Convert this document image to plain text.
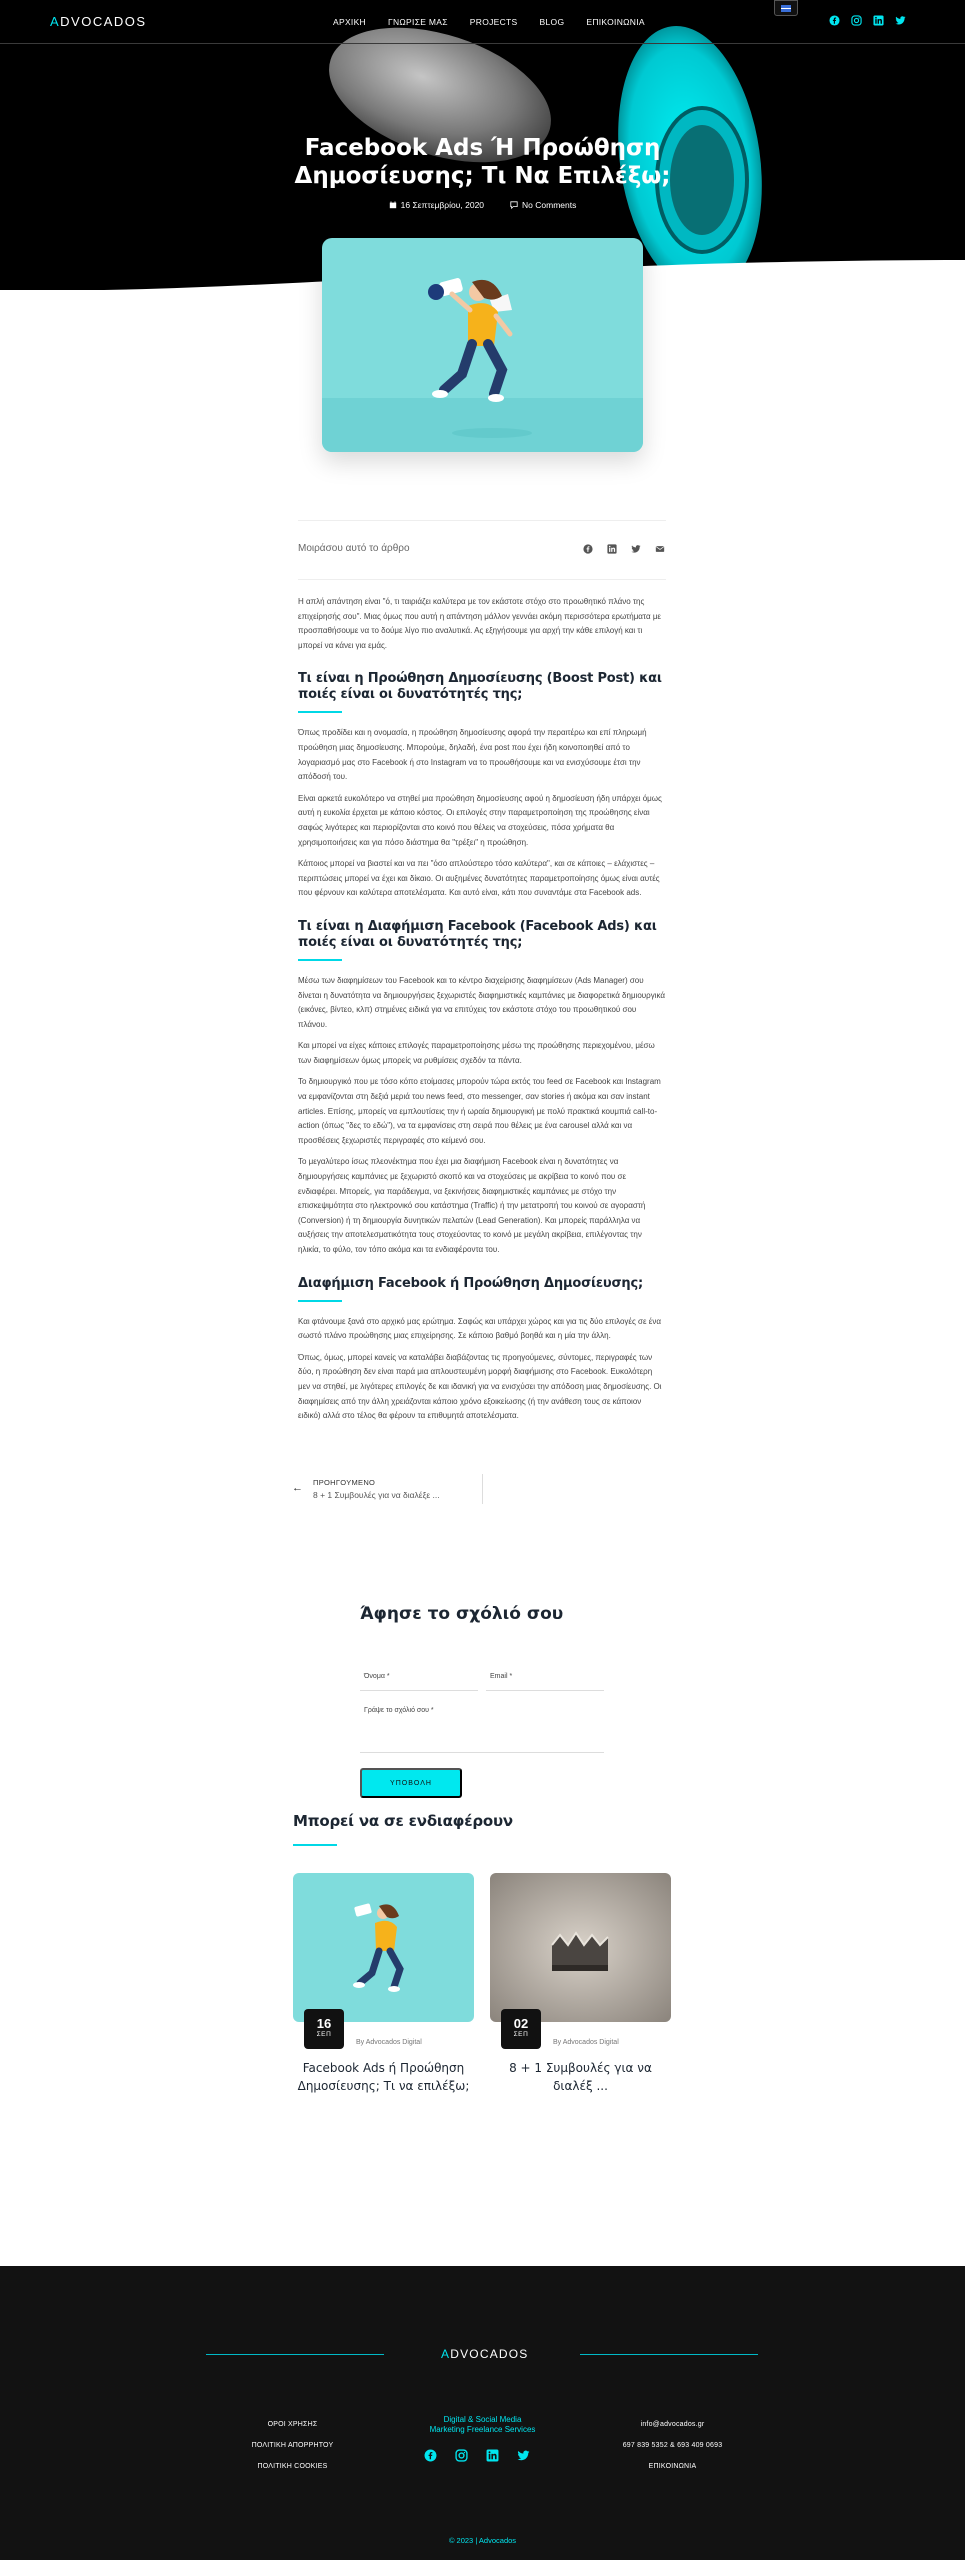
ADVOCADOS	ΑΡΧΙΚΗ	ΓΝΩΡΙΣΕ ΜΑΣ	PROJECTS	BLOG	ΕΠΙΚΟΙΝΩΝΙΑ
Facebook Ads Ή Προώθηση Δημοσίευσης; Τι Να Επιλέξω;
16 Σεπτεμβρίου, 2020	No Comments
Μοιράσου αυτό το άρθρο

Η απλή απάντηση είναι "ό, τι ταιριάζει καλύτερα με τον εκάστοτε στόχο στο προωθητικό πλάνο της επιχείρησής σου". Μιας όμως που αυτή η απάντηση μάλλον γεννάει ακόμη περισσότερα ερωτήματα με προσπαθήσουμε να το δούμε λίγο πιο αναλυτικά. Ας εξηγήσουμε για αρχή την κάθε επιλογή και τι μπορεί να κάνει για εμάς.

Τι είναι η Προώθηση Δημοσίευσης (Boost Post) και ποιές είναι οι δυνατότητές της;

Όπως προδίδει και η ονομασία, η προώθηση δημοσίευσης αφορά την περαιτέρω και επί πληρωμή προώθηση μιας δημοσίευσης. Μπορούμε, δηλαδή, ένα post που έχει ήδη κοινοποιηθεί από το λογαριασμό μας στο Facebook ή στο Instagram να το προωθήσουμε και να ενισχύσουμε έτσι την απόδοσή του.

Είναι αρκετά ευκολότερο να στηθεί μια προώθηση δημοσίευσης αφού η δημοσίευση ήδη υπάρχει όμως αυτή η ευκολία έρχεται με κάποιο κόστος. Οι επιλογές στην παραμετροποίηση της προώθησης είναι σαφώς λιγότερες και περιορίζονται στο κοινό που θέλεις να στοχεύσεις, πόσα χρήματα θα χρησιμοποιήσεις και για πόσο διάστημα θα "τρέξει" η προώθηση.

Κάποιος μπορεί να βιαστεί και να πει "όσο απλούστερο τόσο καλύτερα", και σε κάποιες – ελάχιστες – περιπτώσεις μπορεί να έχει και δίκαιο. Οι αυξημένες δυνατότητες παραμετροποίησης όμως είναι αυτές που φέρνουν και καλύτερα αποτελέσματα. Και αυτό είναι, κάτι που συναντάμε στα Facebook ads.

Τι είναι η Διαφήμιση Facebook (Facebook Ads) και ποιές είναι οι δυνατότητές της;

Μέσω των διαφημίσεων του Facebook και το κέντρο διαχείρισης διαφημίσεων (Ads Manager) σου δίνεται η δυνατότητα να δημιουργήσεις ξεχωριστές διαφημιστικές καμπάνιες με διαφορετικά δημιουργικά (εικόνες, βίντεο, κλπ) στημένες ειδικά για να επιτύχεις τον εκάστοτε στόχο του προωθητικού σου πλάνου.

Και μπορεί να είχες κάποιες επιλογές παραμετροποίησης μέσω της προώθησης περιεχομένου, μέσω των διαφημίσεων όμως μπορείς να ρυθμίσεις σχεδόν τα πάντα.

Το δημιουργικό που με τόσο κόπο ετοίμασες μπορούν τώρα εκτός του feed σε Facebook και Instagram να εμφανίζονται στη δεξιά μεριά του news feed, στο messenger, σαν stories ή ακόμα και σαν instant articles. Επίσης, μπορείς να εμπλουτίσεις την ή ωραία δημιουργική με πολύ πρακτικά κουμπιά call-to-action (όπως "δες το εδώ"), να τα εμφανίσεις στη σειρά που θέλεις με ένα carousel αλλά και να προσθέσεις ξεχωριστές περιγραφές στο κείμενό σου.

Το μεγαλύτερο ίσως πλεονέκτημα που έχει μια διαφήμιση Facebook είναι η δυνατότητες να δημιουργήσεις καμπάνιες με ξεχωριστό σκοπό και να στοχεύσεις με ακρίβεια το κοινό που σε ενδιαφέρει. Μπορείς, για παράδειγμα, να ξεκινήσεις διαφημιστικές καμπάνιες με στόχο την επισκεψιμότητα στο ηλεκτρονικό σου κατάστημα (Traffic) ή την μετατροπή του κοινού σε αγοραστή (Conversion) ή τη δημιουργία δυνητικών πελατών (Lead Generation). Και μπορείς παράλληλα να αυξήσεις την αποτελεσματικότητα τους στοχεύοντας το κοινό με μεγάλη ακρίβεια, επιλέγοντας την ηλικία, το φύλο, τον τόπο ακόμα και τα ενδιαφέροντα του.

Διαφήμιση Facebook ή Προώθηση Δημοσίευσης;

Και φτάνουμε ξανά στο αρχικό μας ερώτημα. Σαφώς και υπάρχει χώρος και για τις δύο επιλογές σε ένα σωστό πλάνο προώθησης μιας επιχείρησης. Σε κάποιο βαθμό βοηθά και η μία την άλλη.

Όπως, όμως, μπορεί κανείς να καταλάβει διαβάζοντας τις προηγούμενες, σύντομες, περιγραφές των δύο, η προώθηση δεν είναι παρά μια απλουστευμένη μορφή διαφήμισης στο Facebook. Ευκολότερη μεν να στηθεί, με λιγότερες επιλογές δε και ιδανική για να ενισχύσει την απόδοση μιας δημοσίευσης. Οι διαφημίσεις από την άλλη χρειάζονται κάποιο χρόνο εξοικείωσης (ή την ανάθεση τους σε κάποιον ειδικό) αλλά στο τέλος θα φέρουν τα επιθυμητά αποτελέσματα.

← ΠΡΟΗΓΟΥΜΕΝΟ
8 + 1 Συμβουλές για να διαλέξε ...
Άφησε το σχόλιό σου
Όνομα *	Email *
Γράψε το σχόλιό σου *
ΥΠΟΒΟΛΗ
Μπορεί να σε ενδιαφέρουν
16
ΣΕΠ
By Advocados Digital
Facebook Ads ή Προώθηση Δημοσίευσης; Τι να επιλέξω;
02
ΣΕΠ
By Advocados Digital
8 + 1 Συμβουλές για να διαλέξ ...
ADVOCADOS
ΟΡΟΙ ΧΡΗΣΗΣ
ΠΟΛΙΤΙΚΗ ΑΠΟΡΡΗΤΟΥ
ΠΟΛΙΤΙΚΗ COOKIES
Digital & Social Media
Marketing Freelance Services
info@advocados.gr
697 839 5352 & 693 409 0693
ΕΠΙΚΟΙΝΩΝΙΑ
© 2023 | Advocados
